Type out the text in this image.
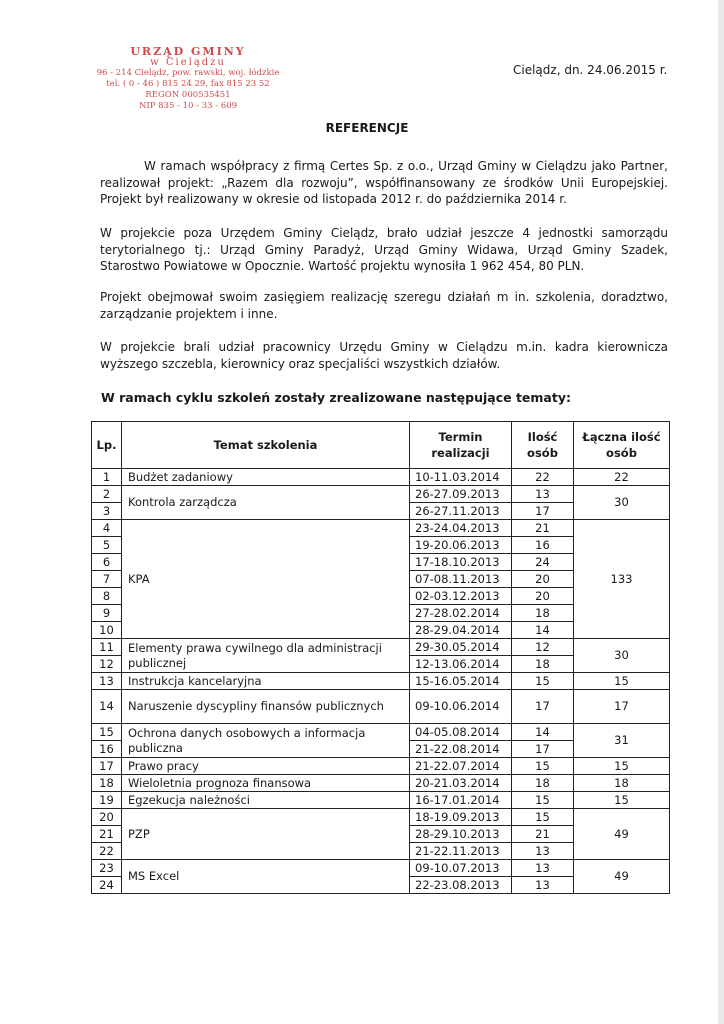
URZĄD GMINY
w Cielądzu
96 - 214 Cielądz, pow. rawski, woj. łódzkie
tel. ( 0 - 46 ) 815 24 29, fax 815 23 52
REGON 000535451
NIP 835 - 10 - 33 - 609
Cielądz, dn. 24.06.2015 r.
REFERENCJE

W ramach współpracy z firmą Certes Sp. z o.o., Urząd Gminy w Cielądzu jako Partner, realizował projekt: „Razem dla rozwoju”, współfinansowany ze środków Unii Europejskiej. Projekt był realizowany w okresie od listopada 2012 r. do października 2014 r.

W projekcie poza Urzędem Gminy Cielądz, brało udział jeszcze 4 jednostki samorządu terytorialnego tj.: Urząd Gminy Paradyż, Urząd Gminy Widawa, Urząd Gminy Szadek, Starostwo Powiatowe w Opocznie. Wartość projektu wynosiła 1 962 454, 80 PLN.

Projekt obejmował swoim zasięgiem realizację szeregu działań m in. szkolenia, doradztwo, zarządzanie projektem i inne.

W projekcie brali udział pracownicy Urzędu Gminy w Cielądzu m.in. kadra kierownicza wyższego szczebla, kierownicy oraz specjaliści wszystkich działów.

W ramach cyklu szkoleń zostały zrealizowane następujące tematy:
Lp.	Temat szkolenia	Termin realizacji	Ilość osób	Łączna ilość osób
1	Budżet zadaniowy	10-11.03.2014	22	22
2	Kontrola zarządcza	26-27.09.2013	13	30
3		26-27.11.2013	17	
4	KPA	23-24.04.2013	21	133
5		19-20.06.2013	16	
6		17-18.10.2013	24	
7		07-08.11.2013	20	
8		02-03.12.2013	20	
9		27-28.02.2014	18	
10		28-29.04.2014	14	
11	Elementy prawa cywilnego dla administracji publicznej	29-30.05.2014	12	30
12		12-13.06.2014	18	
13	Instrukcja kancelaryjna	15-16.05.2014	15	15
14	Naruszenie dyscypliny finansów publicznych	09-10.06.2014	17	17
15	Ochrona danych osobowych a informacja publiczna	04-05.08.2014	14	31
16		21-22.08.2014	17	
17	Prawo pracy	21-22.07.2014	15	15
18	Wieloletnia prognoza finansowa	20-21.03.2014	18	18
19	Egzekucja należności	16-17.01.2014	15	15
20	PZP	18-19.09.2013	15	49
21		28-29.10.2013	21	
22		21-22.11.2013	13	
23	MS Excel	09-10.07.2013	13	49
24		22-23.08.2013	13	
